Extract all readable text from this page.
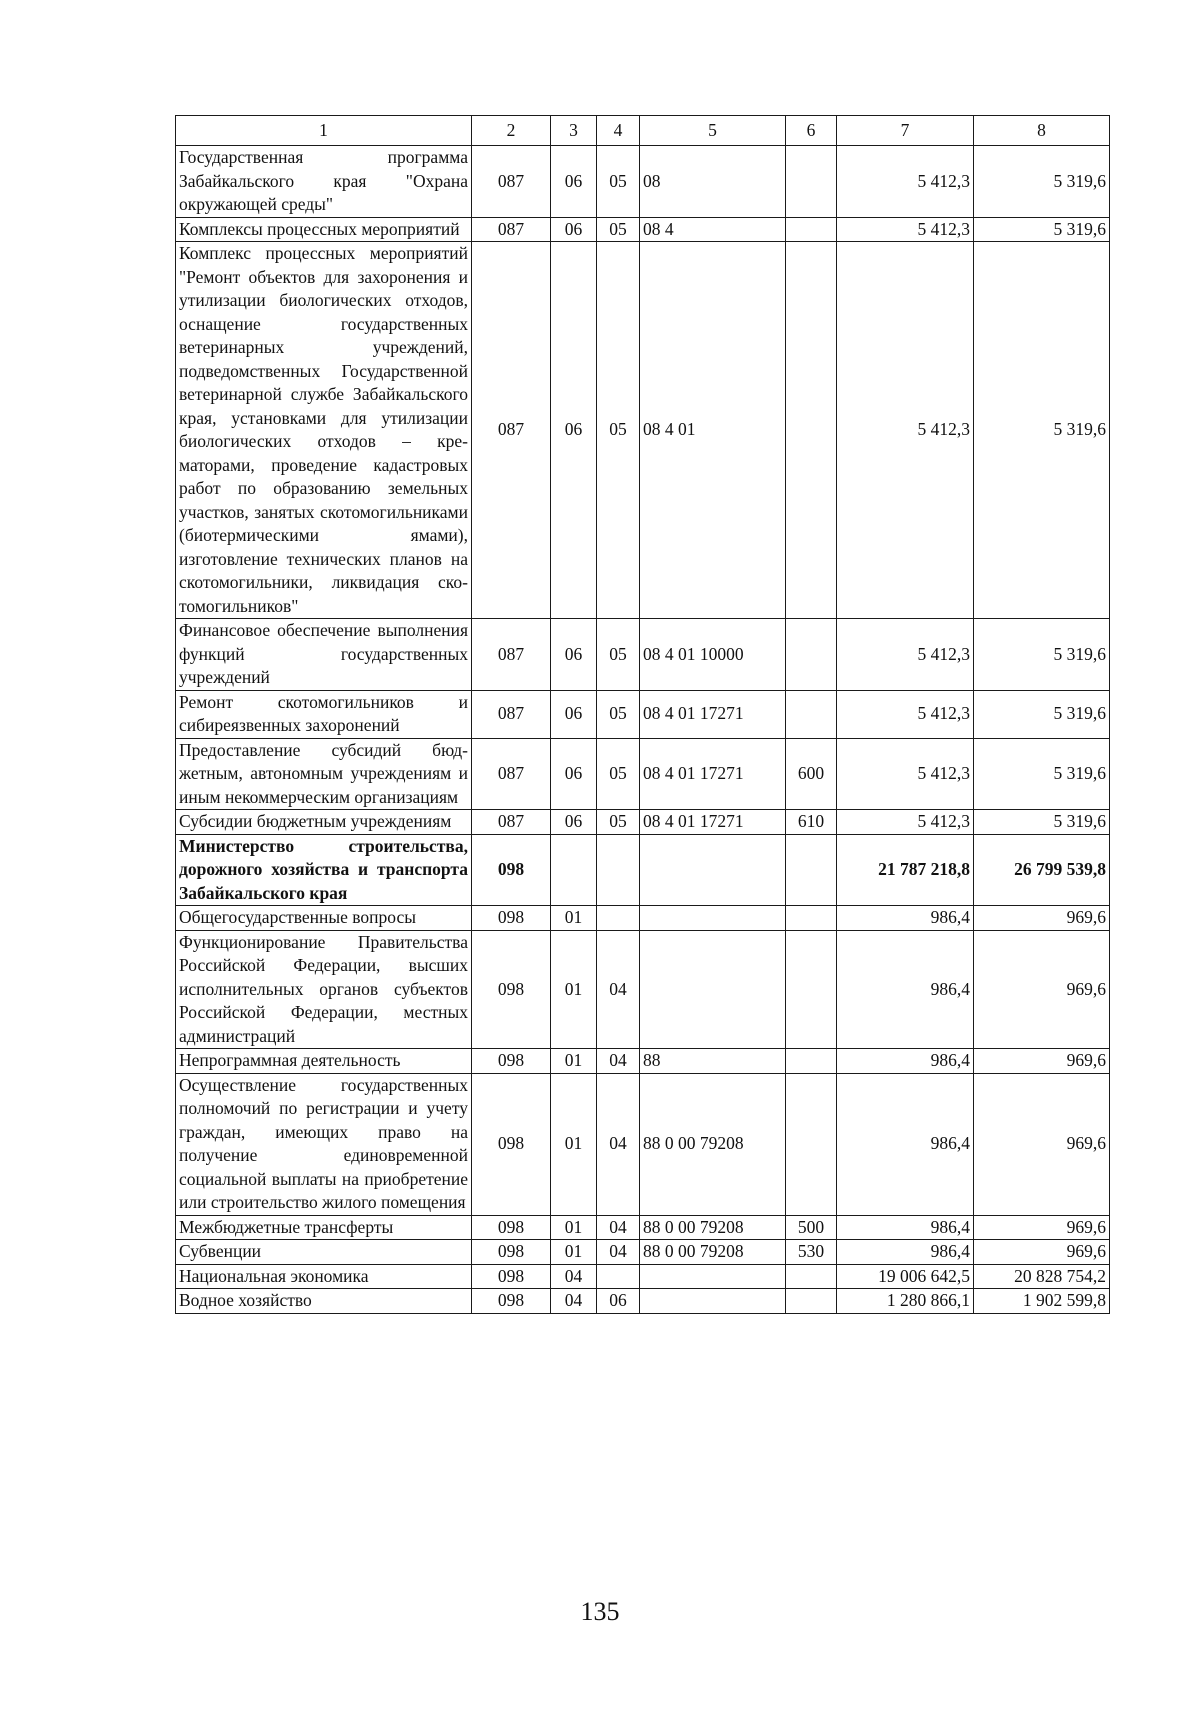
1	2	3	4	5	6	7	8
Государственная программа Забайкальского края "Охрана окружающей среды"	087	06	05	08		5 412,3	5 319,6
Комплексы процессных мероприятий	087	06	05	08 4		5 412,3	5 319,6
Комплекс процессных мероприятий "Ремонт объектов для захоронения и утилизации биологических отходов, оснащение государственных ветеринарных учреждений, подведомственных Государственной ветеринарной службе Забайкальского края, установками для утилизации биологических отходов – крематорами, проведение кадастровых работ по образованию земельных участков, занятых скотомогильниками (биотермическими ямами), изготовление технических планов на скотомогильники, ликвидация скотомогильников"	087	06	05	08 4 01		5 412,3	5 319,6
Финансовое обеспечение выполнения функций государственных учреждений	087	06	05	08 4 01 10000		5 412,3	5 319,6
Ремонт скотомогильников и сибиреязвенных захоронений	087	06	05	08 4 01 17271		5 412,3	5 319,6
Предоставление субсидий бюджетным, автономным учреждениям и иным некоммерческим организациям	087	06	05	08 4 01 17271	600	5 412,3	5 319,6
Субсидии бюджетным учреждениям	087	06	05	08 4 01 17271	610	5 412,3	5 319,6
Министерство строительства, дорожного хозяйства и транспорта Забайкальского края	098					21 787 218,8	26 799 539,8
Общегосударственные вопросы	098	01				986,4	969,6
Функционирование Правительства Российской Федерации, высших исполнительных органов субъектов Российской Федерации, местных администраций	098	01	04			986,4	969,6
Непрограммная деятельность	098	01	04	88		986,4	969,6
Осуществление государственных полномочий по регистрации и учету граждан, имеющих право на получение единовременной социальной выплаты на приобретение или строительство жилого помещения	098	01	04	88 0 00 79208		986,4	969,6
Межбюджетные трансферты	098	01	04	88 0 00 79208	500	986,4	969,6
Субвенции	098	01	04	88 0 00 79208	530	986,4	969,6
Национальная экономика	098	04				19 006 642,5	20 828 754,2
Водное хозяйство	098	04	06			1 280 866,1	1 902 599,8
135
